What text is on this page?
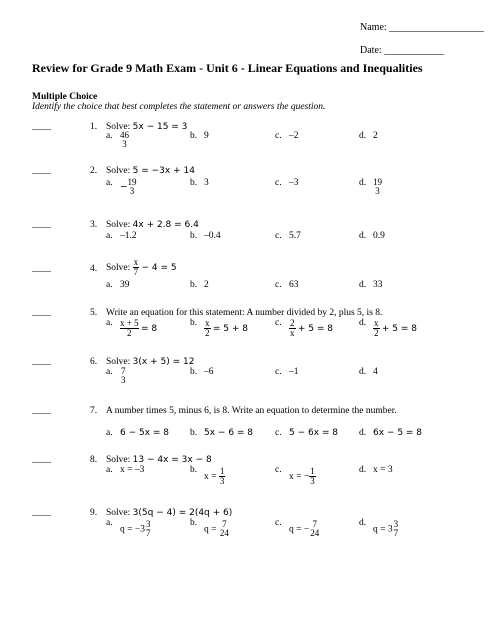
Name: ___________________
Date: ____________
Review for Grade 9 Math Exam - Unit 6 - Linear Equations and Inequalities
Multiple Choice
Identify the choice that best completes the statement or answers the question.
____	1. Solve: 5x − 15 = 3
a. 46
3
b. 9	c. –2	d. 2
____	2. Solve: 5 = −3x + 14
a. −
19
3
b. 3	c. –3	d. 19
3
____	3. Solve: 4x + 2.8 = 6.4
a. –1.2	b. –0.4	c. 5.7	d. 0.9
____	4. Solve: $\frac{x}{7} - 4 = 5$
a. 39	b. 2	c. 63	d. 33
____	5. Write an equation for this statement: A number divided by 2, plus 5, is 8.
a. $\frac{x + 5}{2} = 8$
b. $\frac{x}{2} = 5 + 8$
c. $\frac{2}{x} + 5 = 8$
d. $\frac{x}{2} + 5 = 8$
____	6. Solve: 3(x + 5) = 12
a. 7
3
b. –6	c. –1	d. 4
____	7. A number times 5, minus 6, is 8. Write an equation to determine the number.
a. 6 − 5x = 8 b. 5x − 6 = 8 c. 5 − 6x = 8 d. 6x − 5 = 8
____	8. Solve: 13 − 4x = 3x − 8
a. x = –3	b.
$x = \frac{1}{3}$	c.
x = − $\frac{1}{3}$	d. x = 3
____	9. Solve: 3(5q − 4) = 2(4q + 6)
a.
q = −3
3
7
b.
q =
7
24
c.
q = −
7
24
d.
q = 3
3
7
